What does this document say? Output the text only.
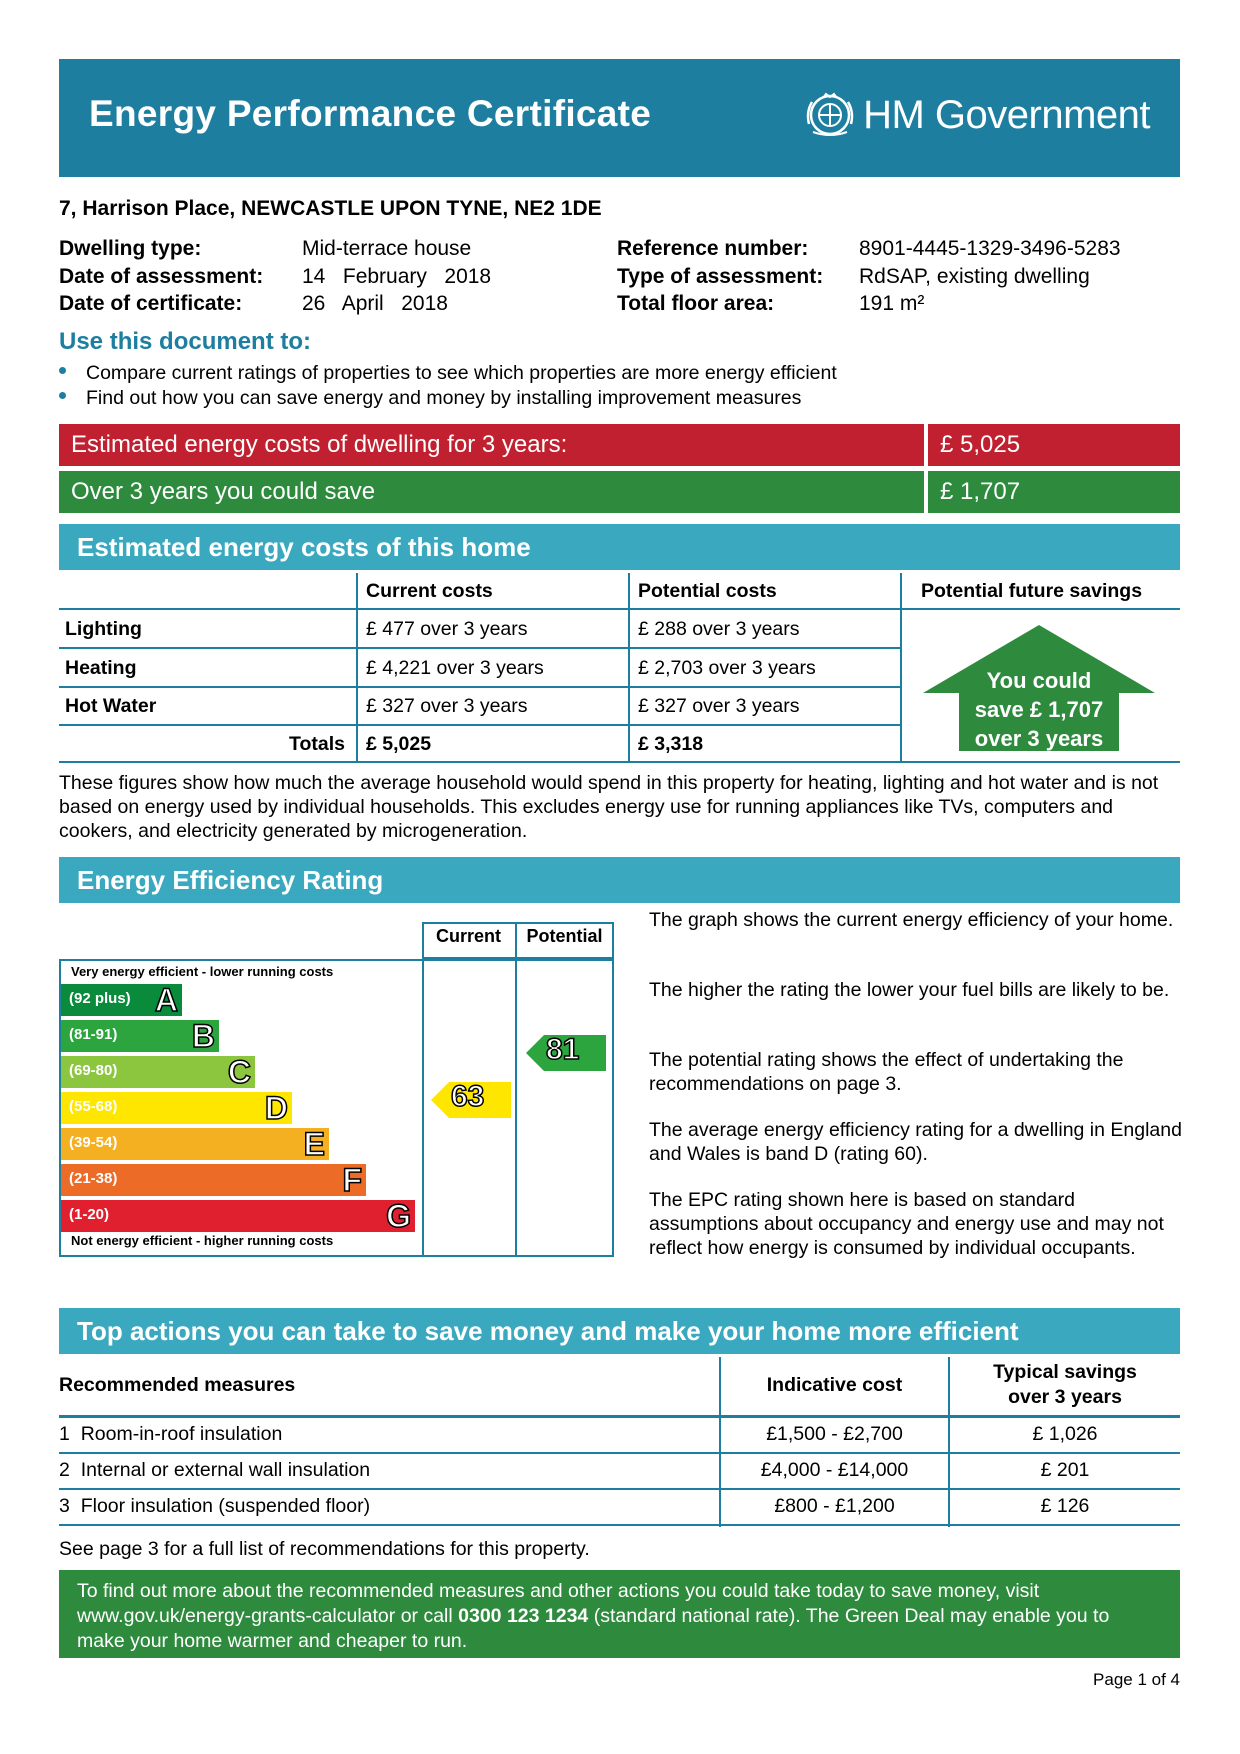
Energy Performance Certificate	HM Government
7, Harrison Place, NEWCASTLE UPON TYNE, NE2 1DE
Dwelling type:	Mid-terrace house
Date of assessment: 14   February   2018
Date of certificate:	26   April   2018
Reference number: 8901-4445-1329-3496-5283
Type of assessment: RdSAP, existing dwelling
Total floor area:	191 m²
Use this document to:
Compare current ratings of properties to see which properties are more energy efficient
Find out how you can save energy and money by installing improvement measures
Estimated energy costs of dwelling for 3 years:	£ 5,025
Over 3 years you could save	£ 1,707
Estimated energy costs of this home
Current costs	Potential costs	Potential future savings
Lighting	£ 477 over 3 years	£ 288 over 3 years
Heating	£ 4,221 over 3 years	£ 2,703 over 3 years
Hot Water	£ 327 over 3 years	£ 327 over 3 years
Totals £ 5,025	£ 3,318
You could
save £ 1,707
over 3 years
These figures show how much the average household would spend in this property for heating, lighting and hot water and is not based on energy used by individual households. This excludes energy use for running appliances like TVs, computers and cookers, and electricity generated by microgeneration.
Energy Efficiency Rating
Current	Potential
Very energy efficient - lower running costs
Not energy efficient - higher running costs
(92 plus) A
(81-91) B
(69-80)	C
(55-68)	D
(39-54)	E
(21-38)	F
(1-20)	G
63
81
The graph shows the current energy efficiency of your home.
The higher the rating the lower your fuel bills are likely to be.
The potential rating shows the effect of undertaking the recommendations on page 3.
The average energy efficiency rating for a dwelling in England and Wales is band D (rating 60).
The EPC rating shown here is based on standard assumptions about occupancy and energy use and may not reflect how energy is consumed by individual occupants.
Top actions you can take to save money and make your home more efficient
Recommended measures	Indicative cost
Typical savings
over 3 years
1 Room-in-roof insulation	£1,500 - £2,700	£ 1,026
2 Internal or external wall insulation	£4,000 - £14,000	£ 201
3 Floor insulation (suspended floor)	£800 - £1,200	£ 126
See page 3 for a full list of recommendations for this property.
To find out more about the recommended measures and other actions you could take today to save money, visit www.gov.uk/energy-grants-calculator or call 0300 123 1234 (standard national rate). The Green Deal may enable you to make your home warmer and cheaper to run.
Page 1 of 4
